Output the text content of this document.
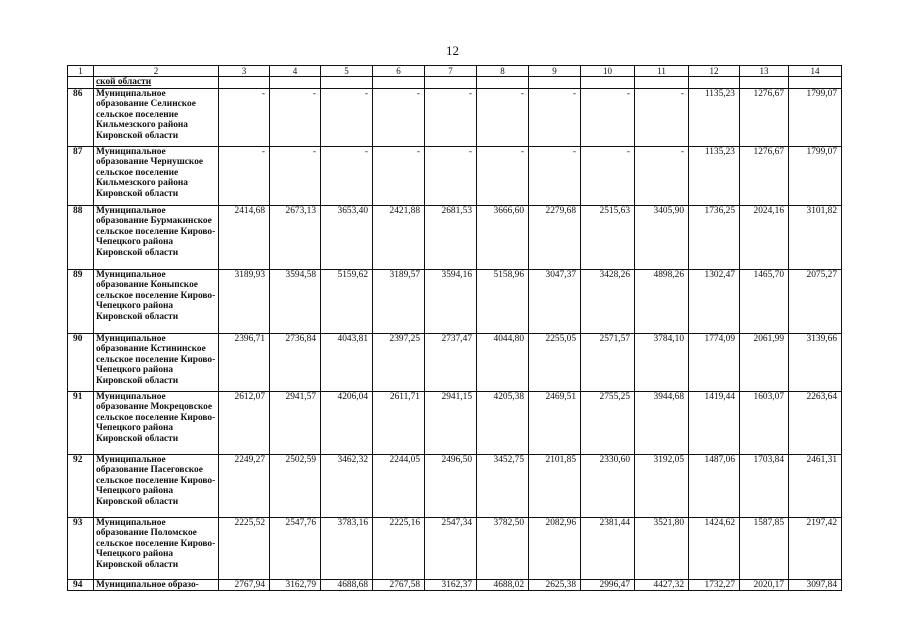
12
1	2	3	4	5	6	7	8	9	10	11	12	13	14
	ской области												
86	Муниципальное образование Селинское сельское поселение Кильмезского района Кировской области	-	-	-	-	-	-	-	-	-	1135,23	1276,67	1799,07
87	Муниципальное образование Чернушское сельское поселение Кильмезского района Кировской области	-	-	-	-	-	-	-	-	-	1135,23	1276,67	1799,07
88	Муниципальное образование Бурмакинское сельское поселение Кирово-Чепецкого района Кировской области	2414,68	2673,13	3653,40	2421,88	2681,53	3666,60	2279,68	2515,63	3405,90	1736,25	2024,16	3101,82
89	Муниципальное образование Коныпское сельское поселение Кирово-Чепецкого района Кировской области	3189,93	3594,58	5159,62	3189,57	3594,16	5158,96	3047,37	3428,26	4898,26	1302,47	1465,70	2075,27
90	Муниципальное образование Кстининское сельское поселение Кирово-Чепецкого района Кировской области	2396,71	2736,84	4043,81	2397,25	2737,47	4044,80	2255,05	2571,57	3784,10	1774,09	2061,99	3139,66
91	Муниципальное образование Мокрецовское сельское поселение Кирово-Чепецкого района Кировской области	2612,07	2941,57	4206,04	2611,71	2941,15	4205,38	2469,51	2755,25	3944,68	1419,44	1603,07	2263,64
92	Муниципальное образование Пасеговское сельское поселение Кирово-Чепецкого района Кировской области	2249,27	2502,59	3462,32	2244,05	2496,50	3452,75	2101,85	2330,60	3192,05	1487,06	1703,84	2461,31
93	Муниципальное образование Поломское сельское поселение Кирово-Чепецкого района Кировской области	2225,52	2547,76	3783,16	2225,16	2547,34	3782,50	2082,96	2381,44	3521,80	1424,62	1587,85	2197,42
94	Муниципальное образо-	2767,94	3162,79	4688,68	2767,58	3162,37	4688,02	2625,38	2996,47	4427,32	1732,27	2020,17	3097,84
